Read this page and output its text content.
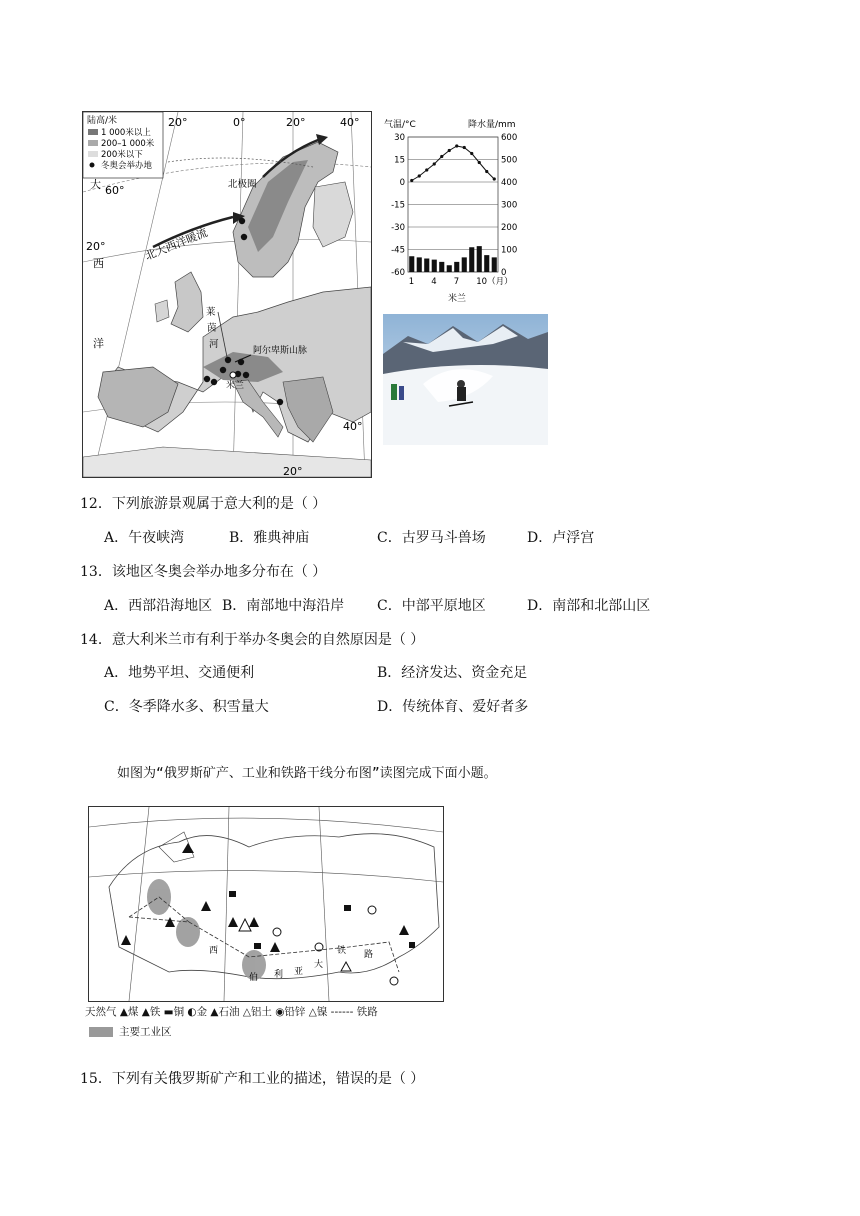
陆高/米
1 000米以上
200–1 000米
200米以下
冬奥会举办地
20°	0°	20°	40°
60°
20°
40°
20°
北极圈
北大西洋暖流
大
西
洋
莱
茵
河
阿尔卑斯山脉
米兰
气温/°C	降水量/mm
30	600
15	500
0	400
-15	300
-30	200
-45	100
-60	0
1 4 7 10（月）
米兰
12．下列旅游景观属于意大利的是（ ）
A．午夜峡湾	B．雅典神庙	C．古罗马斗兽场	D．卢浮宫
13．该地区冬奥会举办地多分布在（ ）
A．西部沿海地区 B．南部地中海沿岸 C．中部平原地区	D．南部和北部山区
14．意大利米兰市有利于举办冬奥会的自然原因是（ ）
A．地势平坦、交通便利	B．经济发达、资金充足
C．冬季降水多、积雪量大	D．传统体育、爱好者多
如图为“俄罗斯矿产、工业和铁路干线分布图”读图完成下面小题。
西
伯 利 亚
大
铁 路
天然气 ▲煤 ▲铁 ▬铜 ◐金 ▲石油 △铝土 ◉铅锌 △镍 ------ 铁路
主要工业区
15．下列有关俄罗斯矿产和工业的描述，错误的是（ ）
